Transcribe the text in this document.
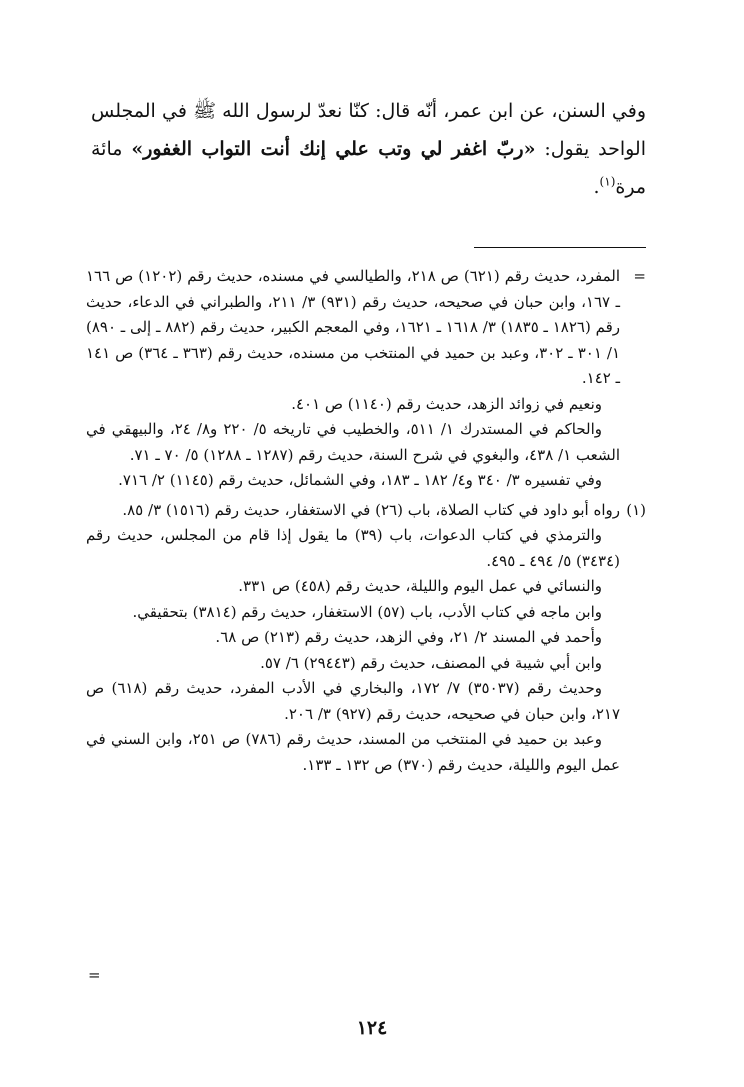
وفي السنن، عن ابن عمر، أنّه قال: كنّا نعدّ لرسول الله ﷺ في المجلس الواحد يقول: «ربّ اغفر لي وتب علي إنك أنت التواب الغفور» مائة مرة$^{(١)}$.

=

المفرد، حديث رقم (٦٢١) ص ٢١٨، والطيالسي في مسنده، حديث رقم (١٢٠٢) ص ١٦٦ ـ ١٦٧، وابن حبان في صحيحه، حديث رقم (٩٣١) ٣/ ٢١١، والطبراني في الدعاء، حديث رقم (١٨٢٦ ـ ١٨٣٥) ٣/ ١٦١٨ ـ ١٦٢١، وفي المعجم الكبير، حديث رقم (٨٨٢ ـ إلى ـ ٨٩٠) ١/ ٣٠١ ـ ٣٠٢، وعبد بن حميد في المنتخب من مسنده، حديث رقم (٣٦٣ ـ ٣٦٤) ص ١٤١ ـ ١٤٢.

ونعيم في زوائد الزهد، حديث رقم (١١٤٠) ص ٤٠١.

والحاكم في المستدرك ١/ ٥١١، والخطيب في تاريخه ٥/ ٢٢٠ و٨/ ٢٤، والبيهقي في الشعب ١/ ٤٣٨، والبغوي في شرح السنة، حديث رقم (١٢٨٧ ـ ١٢٨٨) ٥/ ٧٠ ـ ٧١.

وفي تفسيره ٣/ ٣٤٠ و٤/ ١٨٢ ـ ١٨٣، وفي الشمائل، حديث رقم (١١٤٥) ٢/ ٧١٦.

(١)

رواه أبو داود في كتاب الصلاة، باب (٢٦) في الاستغفار، حديث رقم (١٥١٦) ٣/ ٨٥.

والترمذي في كتاب الدعوات، باب (٣٩) ما يقول إذا قام من المجلس، حديث رقم (٣٤٣٤) ٥/ ٤٩٤ ـ ٤٩٥.

والنسائي في عمل اليوم والليلة، حديث رقم (٤٥٨) ص ٣٣١.

وابن ماجه في كتاب الأدب، باب (٥٧) الاستغفار، حديث رقم (٣٨١٤) بتحقيقي.

وأحمد في المسند ٢/ ٢١، وفي الزهد، حديث رقم (٢١٣) ص ٦٨.

وابن أبي شيبة في المصنف، حديث رقم (٢٩٤٤٣) ٦/ ٥٧.

وحديث رقم (٣٥٠٣٧) ٧/ ١٧٢، والبخاري في الأدب المفرد، حديث رقم (٦١٨) ص ٢١٧، وابن حبان في صحيحه، حديث رقم (٩٢٧) ٣/ ٢٠٦.

وعبد بن حميد في المنتخب من المسند، حديث رقم (٧٨٦) ص ٢٥١، وابن السني في عمل اليوم والليلة، حديث رقم (٣٧٠) ص ١٣٢ ـ ١٣٣.

=
١٢٤
